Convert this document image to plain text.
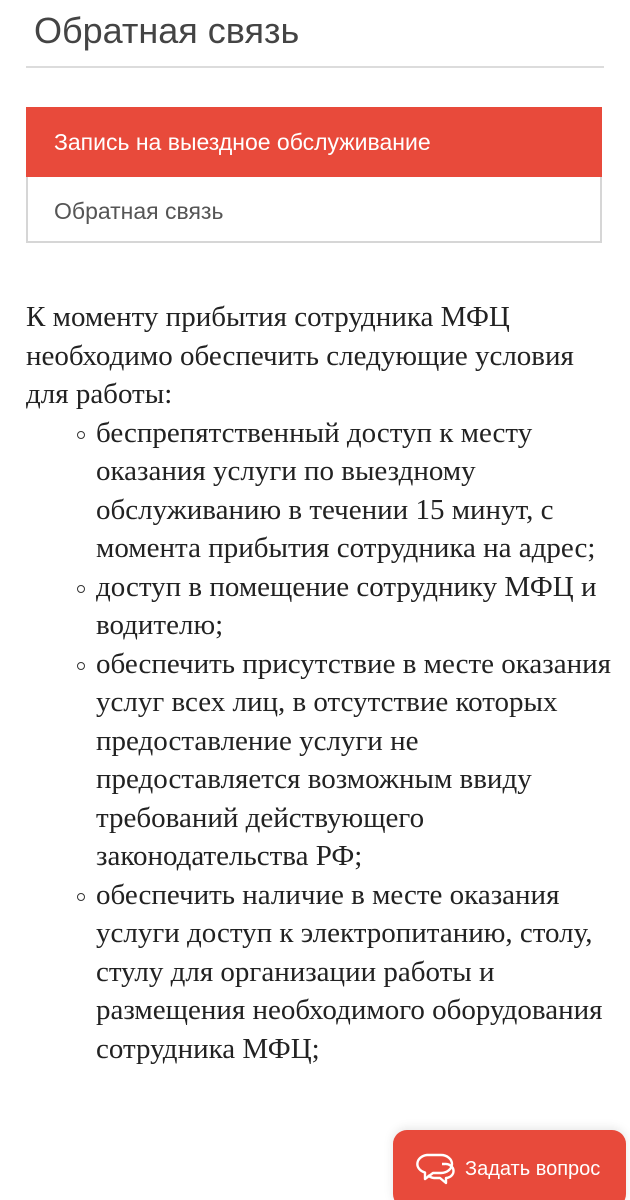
Обратная связь
Запись на выездное обслуживание
Обратная связь

К моменту прибытия сотрудника МФЦ необходимо обеспечить следующие условия для работы:

беспрепятственный доступ к месту оказания услуги по выездному обслуживанию в течении 15 минут, с момента прибытия сотрудника на адрес;
доступ в помещение сотруднику МФЦ и водителю;
обеспечить присутствие в месте оказания услуг всех лиц, в отсутствие которых предоставление услуги не предоставляется возможным ввиду требований действующего законодательства РФ;
обеспечить наличие в месте оказания услуги доступ к электропитанию, столу, стулу для организации работы и размещения необходимого оборудования сотрудника МФЦ;
Задать вопрос
